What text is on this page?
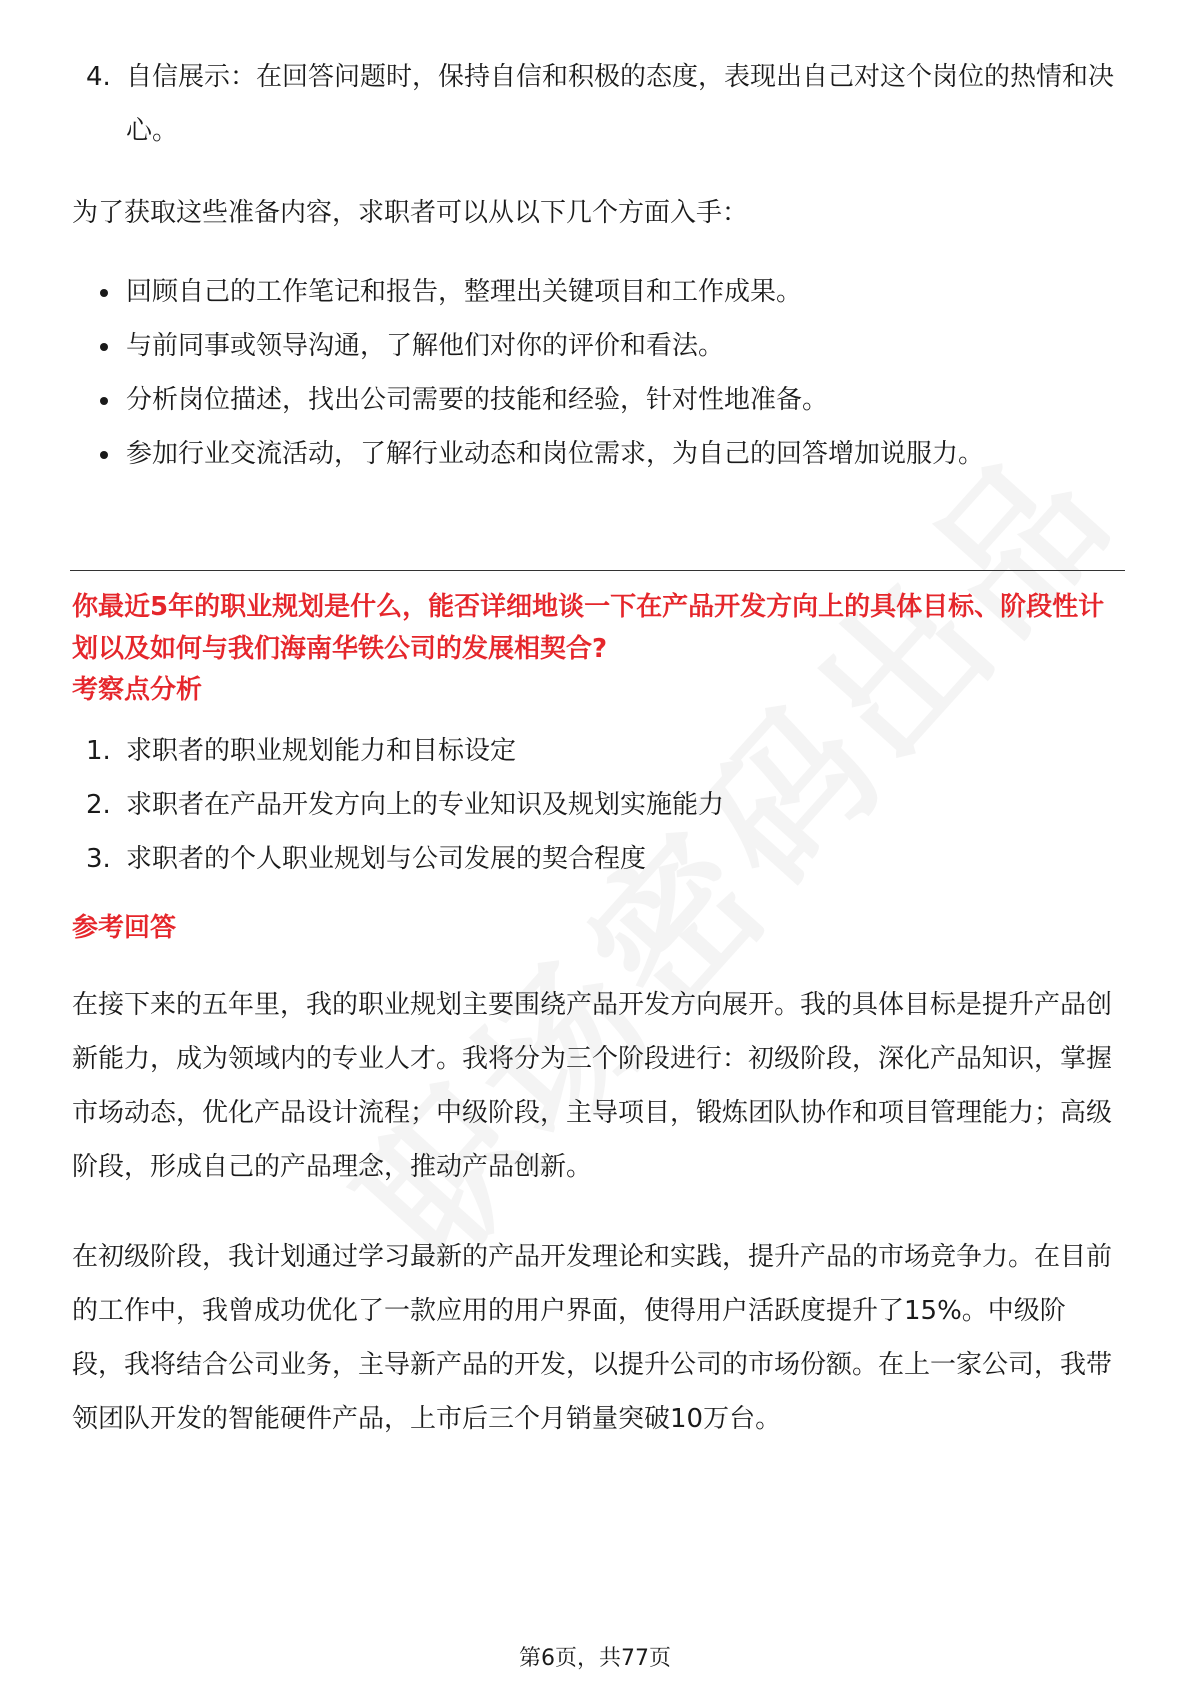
4. 自信展示：在回答问题时，保持自信和积极的态度，表现出自己对这个岗位的热情和决心。
为了获取这些准备内容，求职者可以从以下几个方面入手：
回顾自己的工作笔记和报告，整理出关键项目和工作成果。
与前同事或领导沟通，了解他们对你的评价和看法。
分析岗位描述，找出公司需要的技能和经验，针对性地准备。
参加行业交流活动，了解行业动态和岗位需求，为自己的回答增加说服力。
你最近5年的职业规划是什么，能否详细地谈一下在产品开发方向上的具体目标、阶段性计划以及如何与我们海南华铁公司的发展相契合?
考察点分析
1. 求职者的职业规划能力和目标设定
2. 求职者在产品开发方向上的专业知识及规划实施能力
3. 求职者的个人职业规划与公司发展的契合程度
参考回答
在接下来的五年里，我的职业规划主要围绕产品开发方向展开。我的具体目标是提升产品创新能力，成为领域内的专业人才。我将分为三个阶段进行：初级阶段，深化产品知识，掌握市场动态，优化产品设计流程；中级阶段，主导项目，锻炼团队协作和项目管理能力；高级阶段，形成自己的产品理念，推动产品创新。
在初级阶段，我计划通过学习最新的产品开发理论和实践，提升产品的市场竞争力。在目前的工作中，我曾成功优化了一款应用的用户界面，使得用户活跃度提升了15%。中级阶段，我将结合公司业务，主导新产品的开发，以提升公司的市场份额。在上一家公司，我带领团队开发的智能硬件产品，上市后三个月销量突破10万台。
第6页，共77页
